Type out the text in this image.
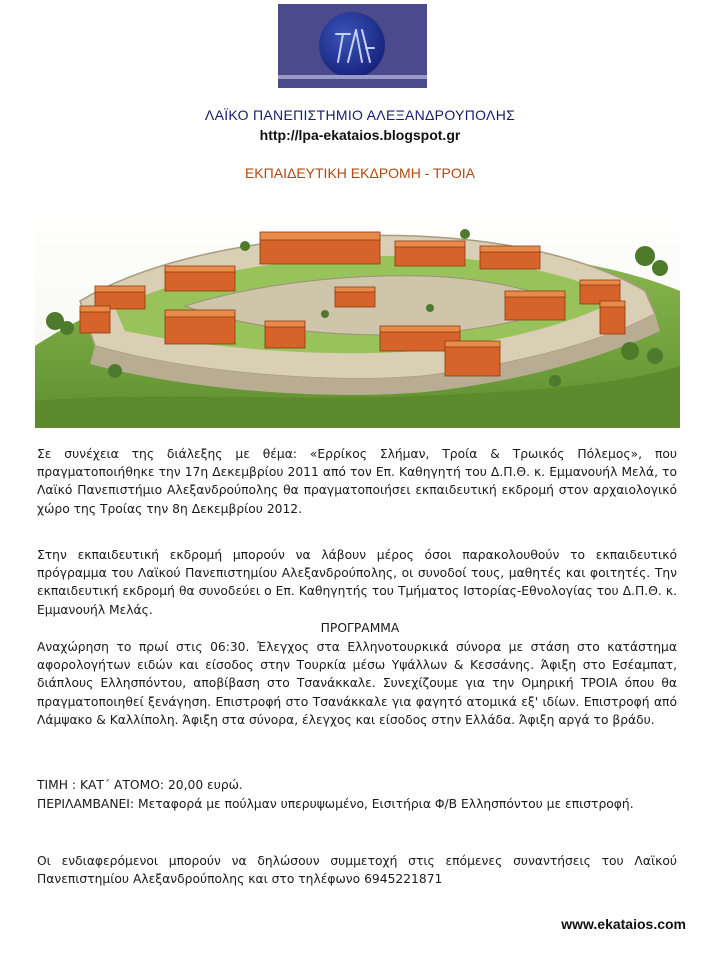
ΛΑΪΚΟ ΠΑΝΕΠΙΣΤΗΜΙΟ ΑΛΕΞΑΝΔΡΟΥΠΟΛΗΣ
http://lpa-ekataios.blogspot.gr
ΕΚΠΑΙΔΕΥΤΙΚΗ ΕΚΔΡΟΜΗ - ΤΡΟΙΑ

Σε συνέχεια της διάλεξης με θέμα: «Ερρίκος Σλήμαν, Τροία & Τρωικός Πόλεμος», που πραγματοποιήθηκε την 17η Δεκεμβρίου 2011 από τον Επ. Καθηγητή του Δ.Π.Θ. κ. Εμμανουήλ Μελά, το Λαϊκό Πανεπιστήμιο Αλεξανδρούπολης θα πραγματοποιήσει εκπαιδευτική εκδρομή στον αρχαιολογικό χώρο της Τροίας την 8η Δεκεμβρίου 2012.

Στην εκπαιδευτική εκδρομή μπορούν να λάβουν μέρος όσοι παρακολουθούν το εκπαιδευτικό πρόγραμμα του Λαϊκού Πανεπιστημίου Αλεξανδρούπολης, οι συνοδοί τους, μαθητές και φοιτητές. Την εκπαιδευτική εκδρομή θα συνοδεύει ο Επ. Καθηγητής του Τμήματος Ιστορίας-Εθνολογίας του Δ.Π.Θ. κ. Εμμανουήλ Μελάς.

ΠΡΟΓΡΑΜΜΑ

Αναχώρηση το πρωί στις 06:30. Έλεγχος στα Ελληνοτουρκικά σύνορα με στάση στο κατάστημα αφορολογήτων ειδών και είσοδος στην Τουρκία μέσω Υψάλλων & Κεσσάνης. Άφιξη στο Εσέαμπατ, διάπλους Ελλησπόντου, αποβίβαση στο Τσανάκκαλε. Συνεχίζουμε για την Ομηρική ΤΡΟΙΑ όπου θα πραγματοποιηθεί ξενάγηση. Επιστροφή στο Τσανάκκαλε για φαγητό ατομικά εξ' ιδίων. Επιστροφή από Λάμψακο & Καλλίπολη. Άφιξη στα σύνορα, έλεγχος και είσοδος στην Ελλάδα. Άφιξη αργά το βράδυ.

ΤΙΜΗ : ΚΑΤ΄ ΑΤΟΜΟ: 20,00 ευρώ.

ΠΕΡΙΛΑΜΒΑΝΕΙ: Μεταφορά με πούλμαν υπερυψωμένο, Εισιτήρια Φ/Β Ελλησπόντου με επιστροφή.

Οι ενδιαφερόμενοι μπορούν να δηλώσουν συμμετοχή στις επόμενες συναντήσεις του Λαϊκού Πανεπιστημίου Αλεξανδρούπολης και στο τηλέφωνο 6945221871

www.ekataios.com
